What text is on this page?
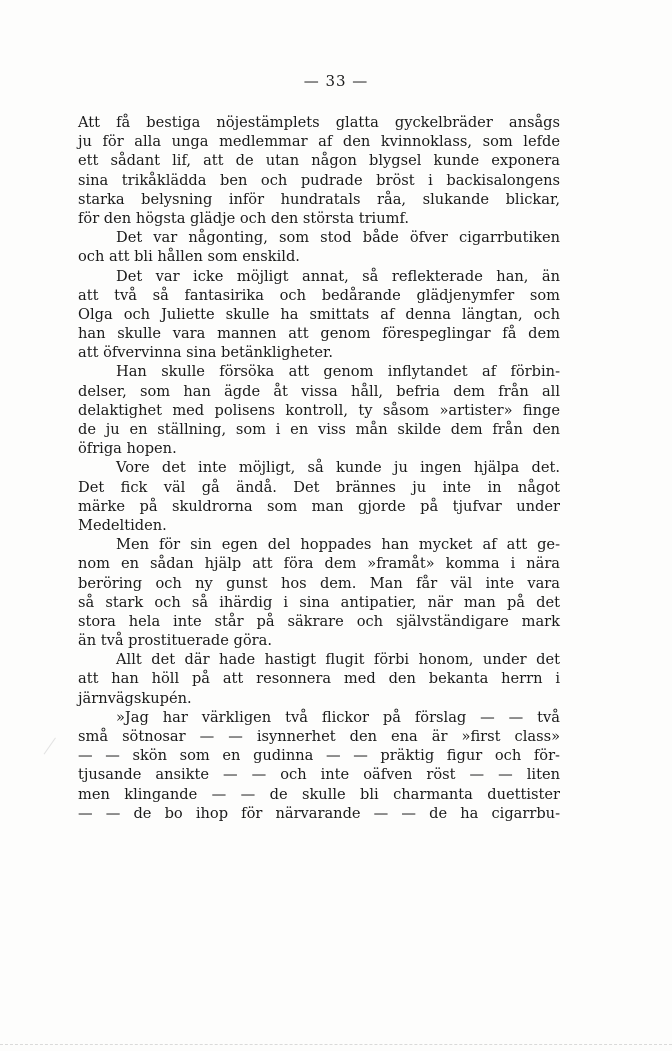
— 33 —
Att få bestiga nöjestämplets glatta gyckelbräder ansågs
ju för alla unga medlemmar af den kvinnoklass, som lefde
ett sådant lif, att de utan någon blygsel kunde exponera
sina trikåklädda ben och pudrade bröst i backisalongens
starka belysning inför hundratals råa, slukande blickar,
för den högsta glädje och den största triumf.
Det var någonting, som stod både öfver cigarrbutiken
och att bli hållen som enskild.
Det var icke möjligt annat, så reflekterade han, än
att två så fantasirika och bedårande glädjenymfer som
Olga och Juliette skulle ha smittats af denna längtan, och
han skulle vara mannen att genom förespeglingar få dem
att öfvervinna sina betänkligheter.
Han skulle försöka att genom inflytandet af förbin-
delser, som han ägde åt vissa håll, befria dem från all
delaktighet med polisens kontroll, ty såsom »artister» finge
de ju en ställning, som i en viss mån skilde dem från den
öfriga hopen.
Vore det inte möjligt, så kunde ju ingen hjälpa det.
Det fick väl gå ändå. Det brännes ju inte in något
märke på skuldrorna som man gjorde på tjufvar under
Medeltiden.
Men för sin egen del hoppades han mycket af att ge-
nom en sådan hjälp att föra dem »framåt» komma i nära
beröring och ny gunst hos dem. Man får väl inte vara
så stark och så ihärdig i sina antipatier, när man på det
stora hela inte står på säkrare och självständigare mark
än två prostituerade göra.
Allt det där hade hastigt flugit förbi honom, under det
att han höll på att resonnera med den bekanta herrn i
järnvägskupén.
»Jag har värkligen två flickor på förslag — — två
små sötnosar — — isynnerhet den ena är »first class»
— — skön som en gudinna — — präktig figur och för-
tjusande ansikte — — och inte oäfven röst — — liten
men klingande — — de skulle bli charmanta duettister
— — de bo ihop för närvarande — — de ha cigarrbu-
